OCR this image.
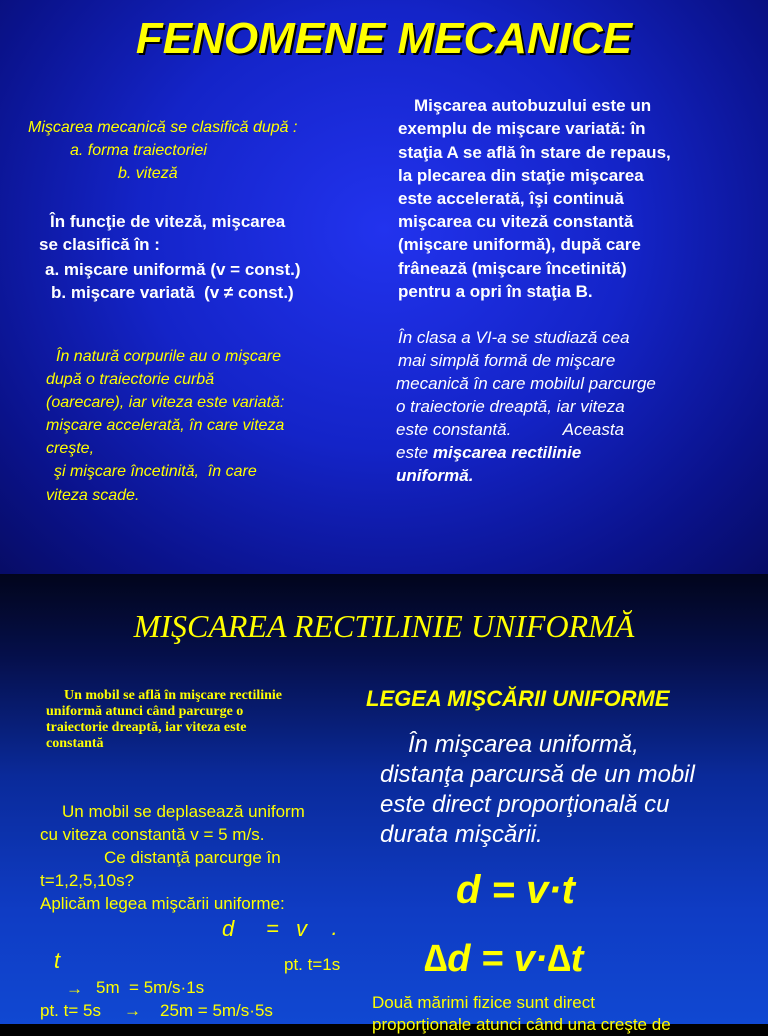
FENOMENE MECANICE
Mişcarea mecanică se clasifică după :
a. forma traiectoriei
b. viteză
În funcţie de viteză, mişcarea
se clasifică în :
a. mişcare uniformă (v = const.)
b. mişcare variată  (v ≠ const.)
În natură corpurile au o mişcare
după o traiectorie curbă
(oarecare), iar viteza este variată:
mişcare accelerată, în care viteza
creşte,
şi mişcare încetinită,  în care
viteza scade.
Mişcarea autobuzului este un
exemplu de mişcare variată: în
staţia A se află în stare de repaus,
la plecarea din staţie mişcarea
este accelerată, îşi continuă
mişcarea cu viteză constantă
(mişcare uniformă), după care
frânează (mişcare încetinită)
pentru a opri în staţia B.
În clasa a VI-a se studiază cea
mai simplă formă de mişcare
mecanică în care mobilul parcurge
o traiectorie dreaptă, iar viteza
este constantă.           Aceasta
este mişcarea rectilinie
uniformă.
MIŞCAREA RECTILINIE UNIFORMĂ
Un mobil se află în mişcare rectilinie
uniformă atunci când parcurge o
traiectorie dreaptă, iar viteza este
constantă
Un mobil se deplasează uniform
cu viteza constantă v = 5 m/s.
Ce distanţă parcurge în
t=1,2,5,10s?
Aplicăm legea mişcării uniforme:
d = v ·
t	pt. t=1s
→ 5m  = 5m/s·1s
pt. t= 5s → 25m = 5m/s·5s
LEGEA MIŞCĂRII UNIFORME
În mişcarea uniformă,
distanţa parcursă de un mobil
este direct proporţională cu
durata mişcării.
d = v·t
∆d = v·∆t
Două mărimi fizice sunt direct
proporţionale atunci când una creşte de
